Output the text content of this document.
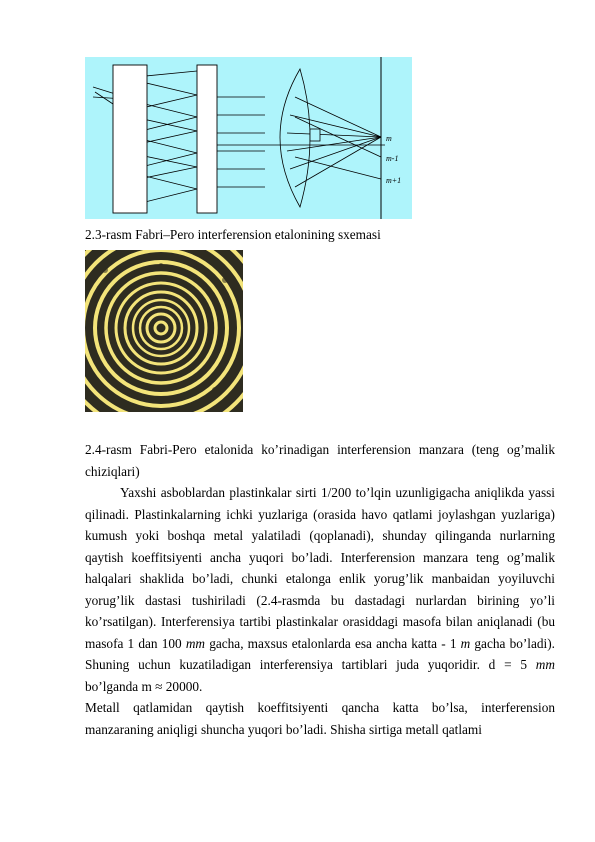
m
m-1
m+1
2.3-rasm Fabri–Pero interferension etalonining sxemasi

2.4-rasm Fabri-Pero etalonida ko’rinadigan interferension manzara (teng og’malik chiziqlari)

Yaxshi asboblardan plastinkalar sirti 1/200 to’lqin uzunligigacha aniqlikda yassi qilinadi. Plastinkalarning ichki yuzlariga (orasida havo qatlami joylashgan yuzlariga) kumush yoki boshqa metal yalatiladi (qoplanadi), shunday qilinganda nurlarning qaytish koeffitsiyenti ancha yuqori bo’ladi. Interferension manzara teng og’malik halqalari shaklida bo’ladi, chunki etalonga enlik yorug’lik manbaidan yoyiluvchi yorug’lik dastasi tushiriladi (2.4-rasmda bu dastadagi nurlardan birining yo’li ko’rsatilgan). Interferensiya tartibi plastinkalar orasiddagi masofa bilan aniqlanadi (bu masofa 1 dan 100 mm gacha, maxsus etalonlarda esa ancha katta - 1 m gacha bo’ladi). Shuning uchun kuzatiladigan interferensiya tartiblari juda yuqoridir. d = 5 mm bo’lganda m ≈ 20000.

Metall qatlamidan qaytish koeffitsiyenti qancha katta bo’lsa, interferension manzaraning aniqligi shuncha yuqori bo’ladi. Shisha sirtiga metall qatlami
